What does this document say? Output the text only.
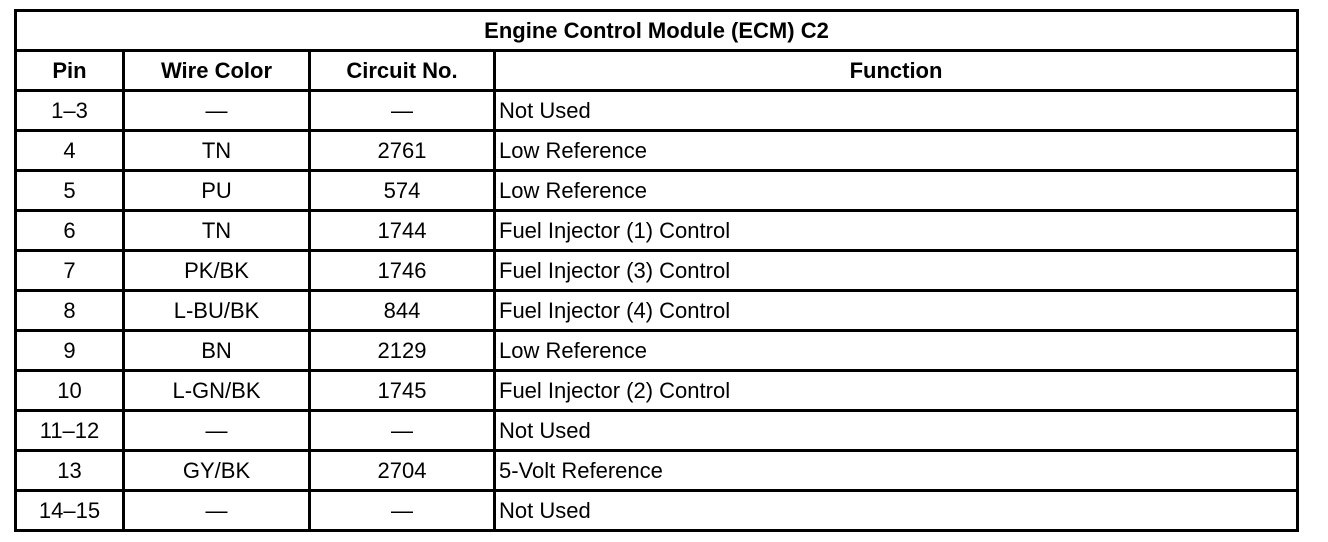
Engine Control Module (ECM) C2			
Pin	Wire Color	Circuit No.	Function
1–3	—	—	Not Used
4	TN	2761	Low Reference
5	PU	574	Low Reference
6	TN	1744	Fuel Injector (1) Control
7	PK/BK	1746	Fuel Injector (3) Control
8	L-BU/BK	844	Fuel Injector (4) Control
9	BN	2129	Low Reference
10	L-GN/BK	1745	Fuel Injector (2) Control
11–12	—	—	Not Used
13	GY/BK	2704	5-Volt Reference
14–15	—	—	Not Used
